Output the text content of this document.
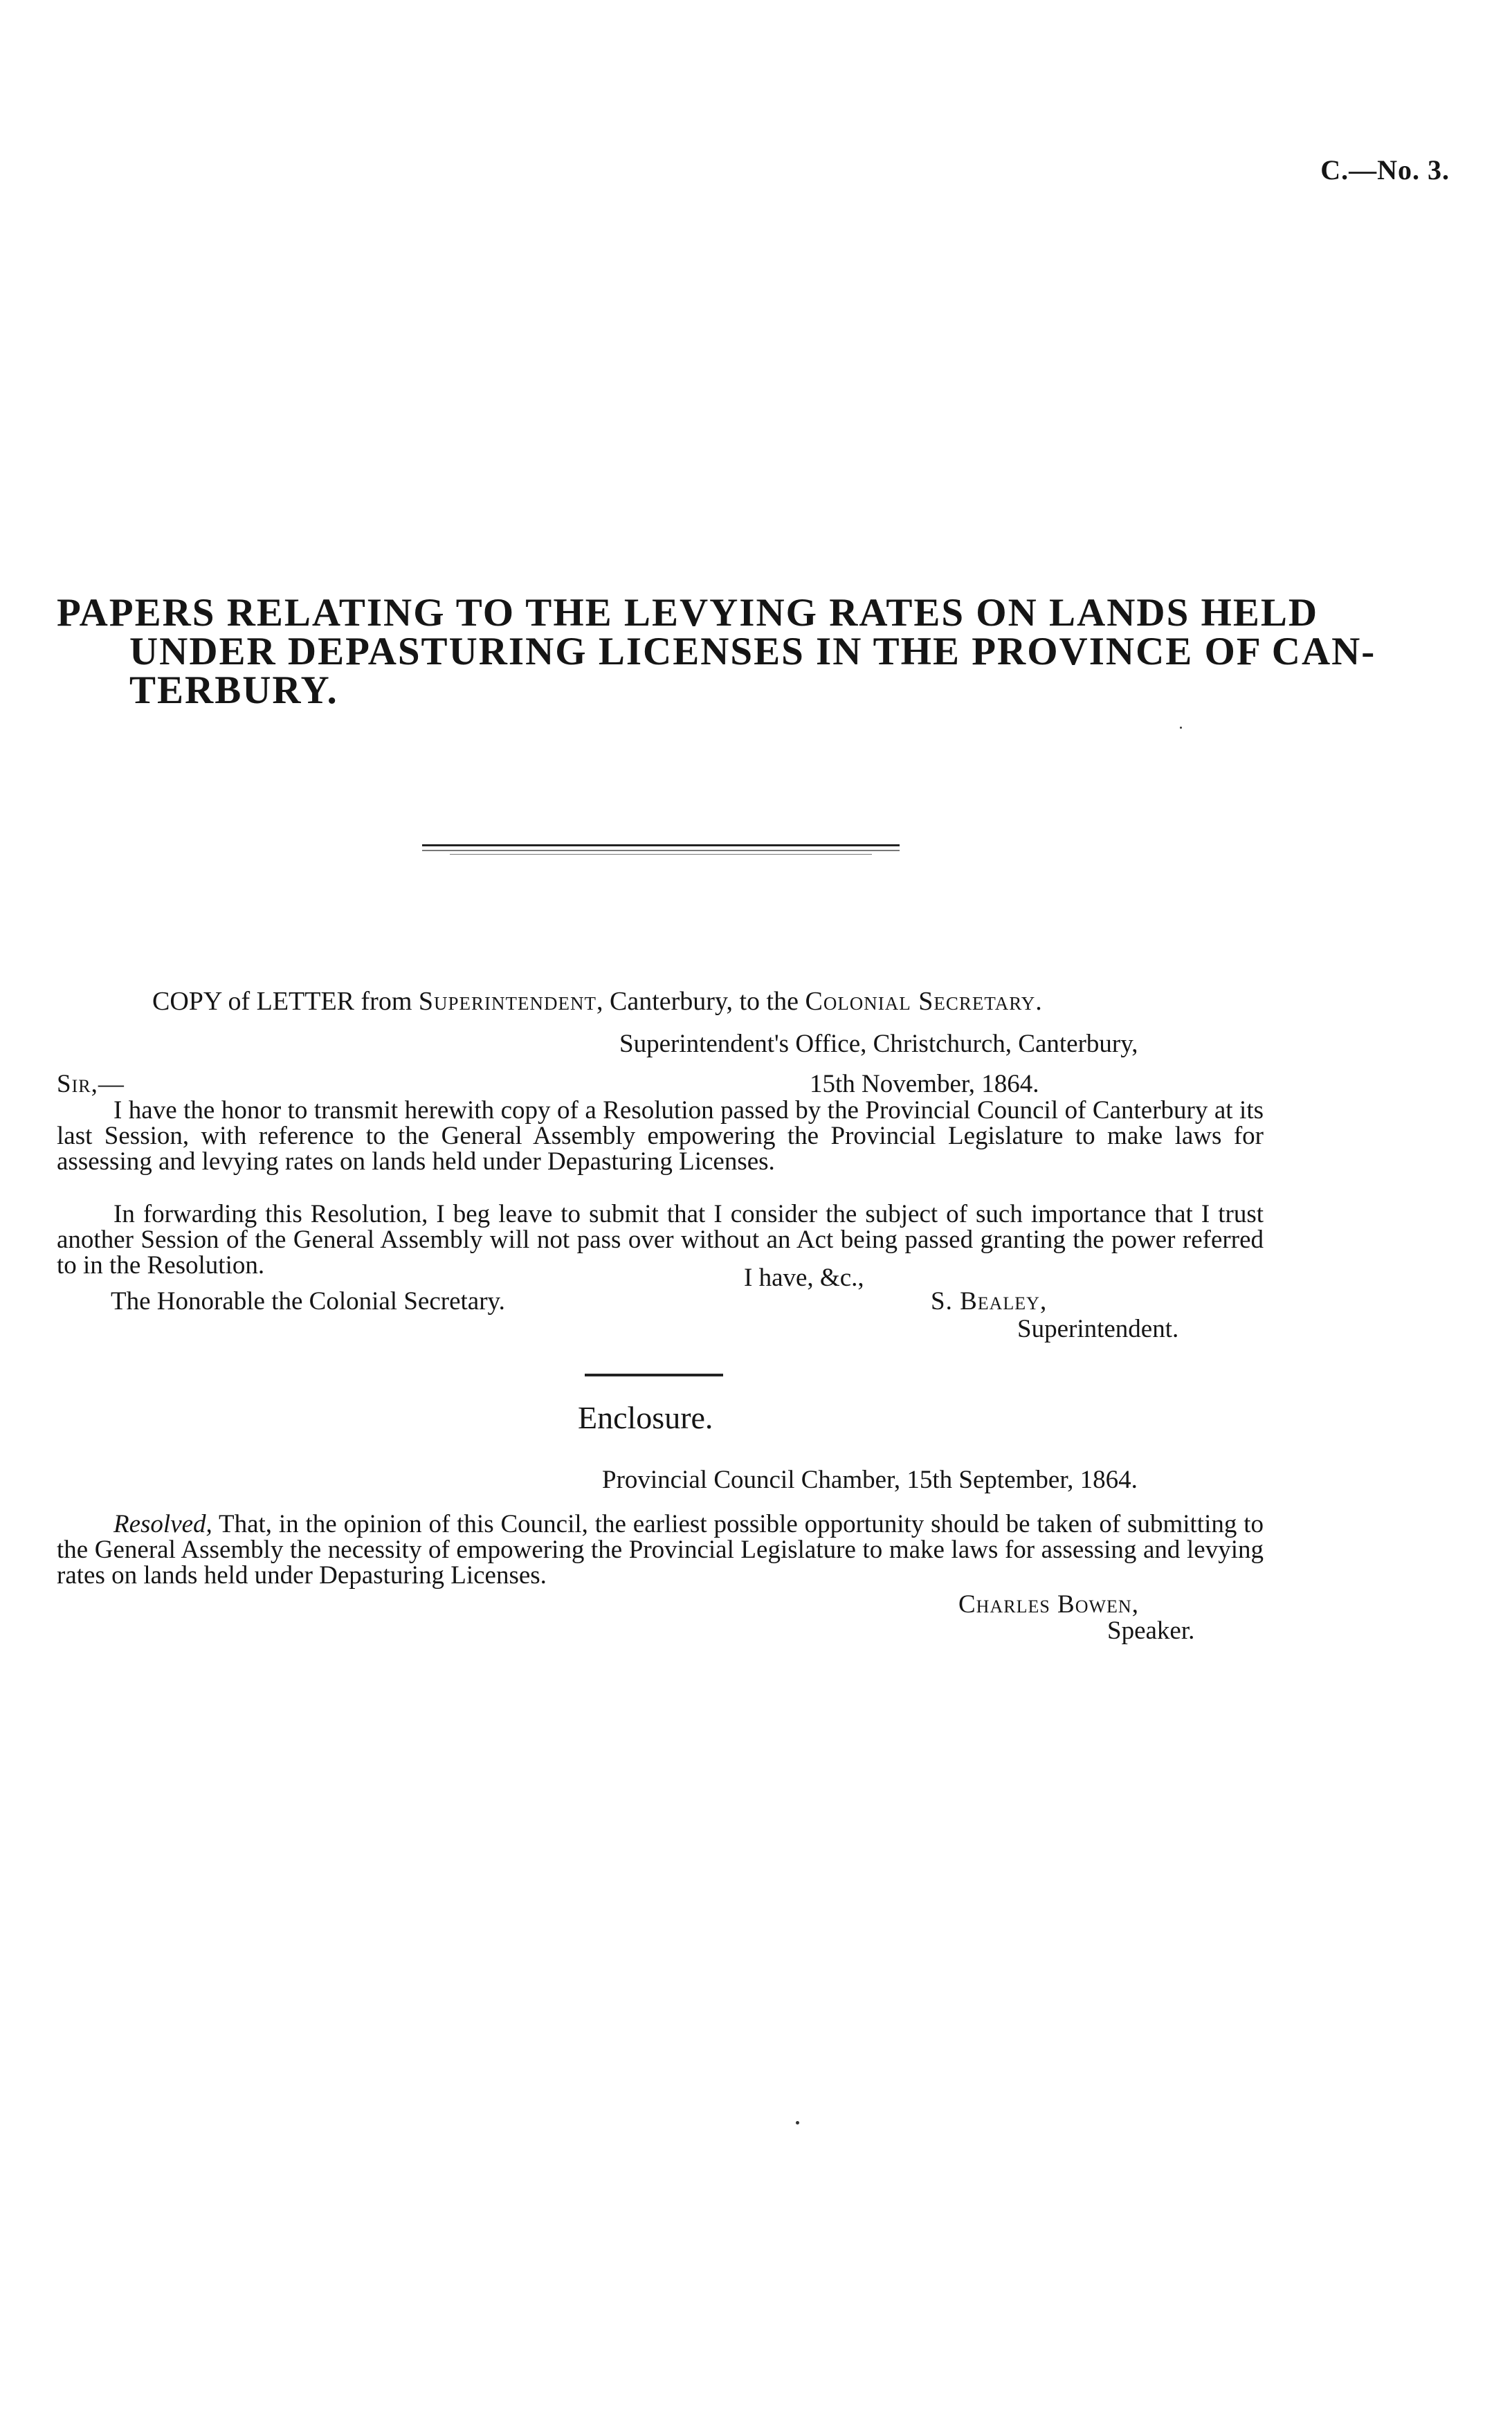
C.—No. 3.
PAPERS RELATING TO THE LEVYING RATES ON LANDS HELD
UNDER DEPASTURING LICENSES IN THE PROVINCE OF CAN-
TERBURY.
COPY of LETTER from Superintendent, Canterbury, to the Colonial Secretary.
Superintendent's Office, Christchurch, Canterbury,
Sir,—	15th November, 1864.
I have the honor to transmit herewith copy of a Resolution passed by the Provincial Council of Canterbury at its last Session, with reference to the General Assembly empowering the Provincial Legislature to make laws for assessing and levying rates on lands held under Depasturing Licenses.
In forwarding this Resolution, I beg leave to submit that I consider the subject of such importance that I trust another Session of the General Assembly will not pass over without an Act being passed granting the power referred to in the Resolution.	I have, &c.,
The Honorable the Colonial Secretary.	S. Bealey,
Superintendent.
Enclosure.
Provincial Council Chamber, 15th September, 1864.
Resolved, That, in the opinion of this Council, the earliest possible opportunity should be taken of submitting to the General Assembly the necessity of empowering the Provincial Legislature to make laws for assessing and levying rates on lands held under Depasturing Licenses.
Charles Bowen,
Speaker.
